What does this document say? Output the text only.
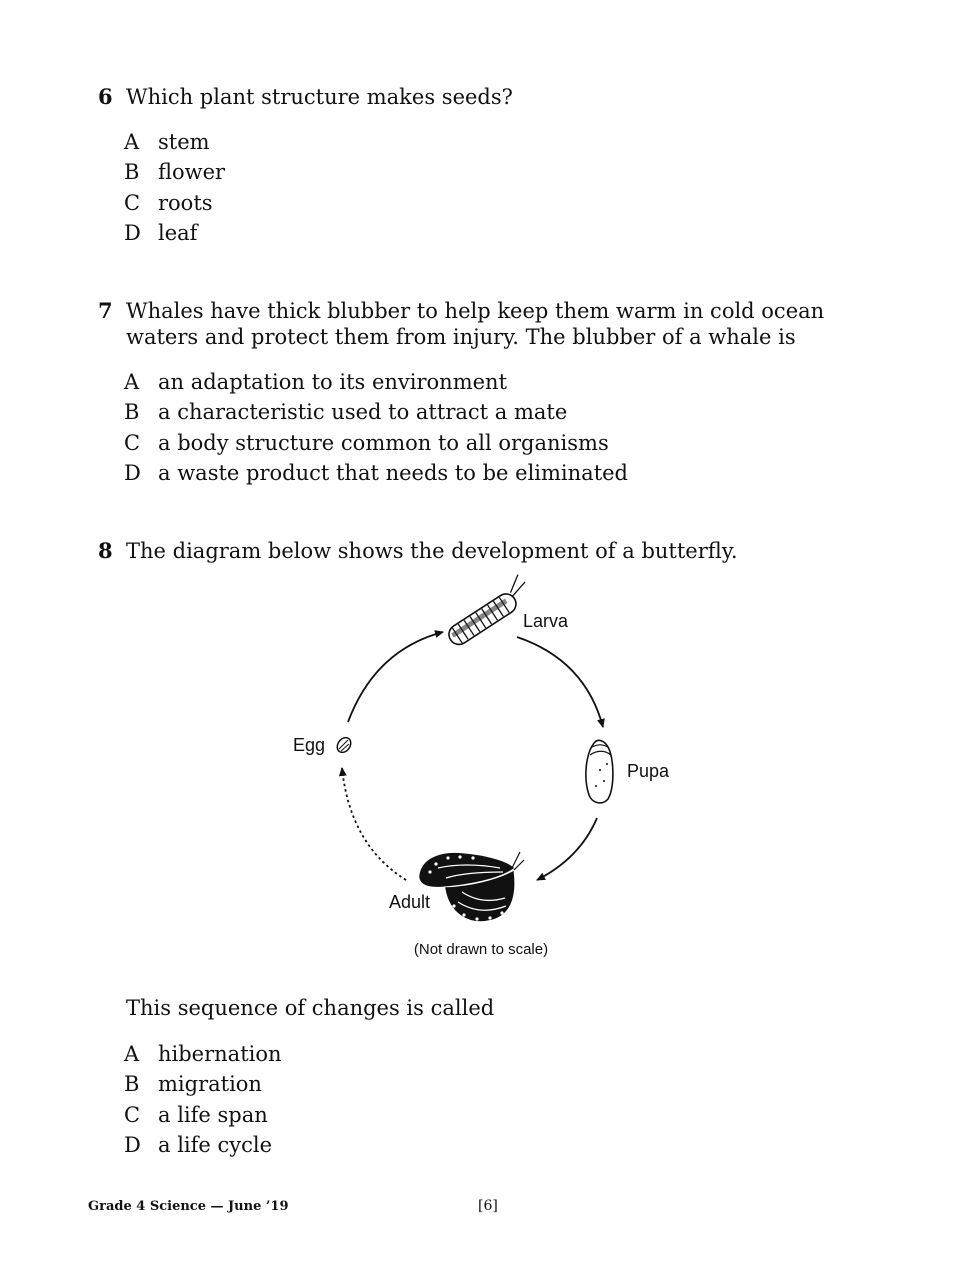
6 Which plant structure makes seeds?
A stem
B flower
C roots
D leaf
7 Whales have thick blubber to help keep them warm in cold ocean waters and protect them from injury. The blubber of a whale is
A an adaptation to its environment
B a characteristic used to attract a mate
C a body structure common to all organisms
D a waste product that needs to be eliminated
8 The diagram below shows the development of a butterfly.
Larva
Pupa
Egg
Adult
(Not drawn to scale)
This sequence of changes is called
A hibernation
B migration
C a life span
D a life cycle
Grade 4 Science — June ’19	[6]
